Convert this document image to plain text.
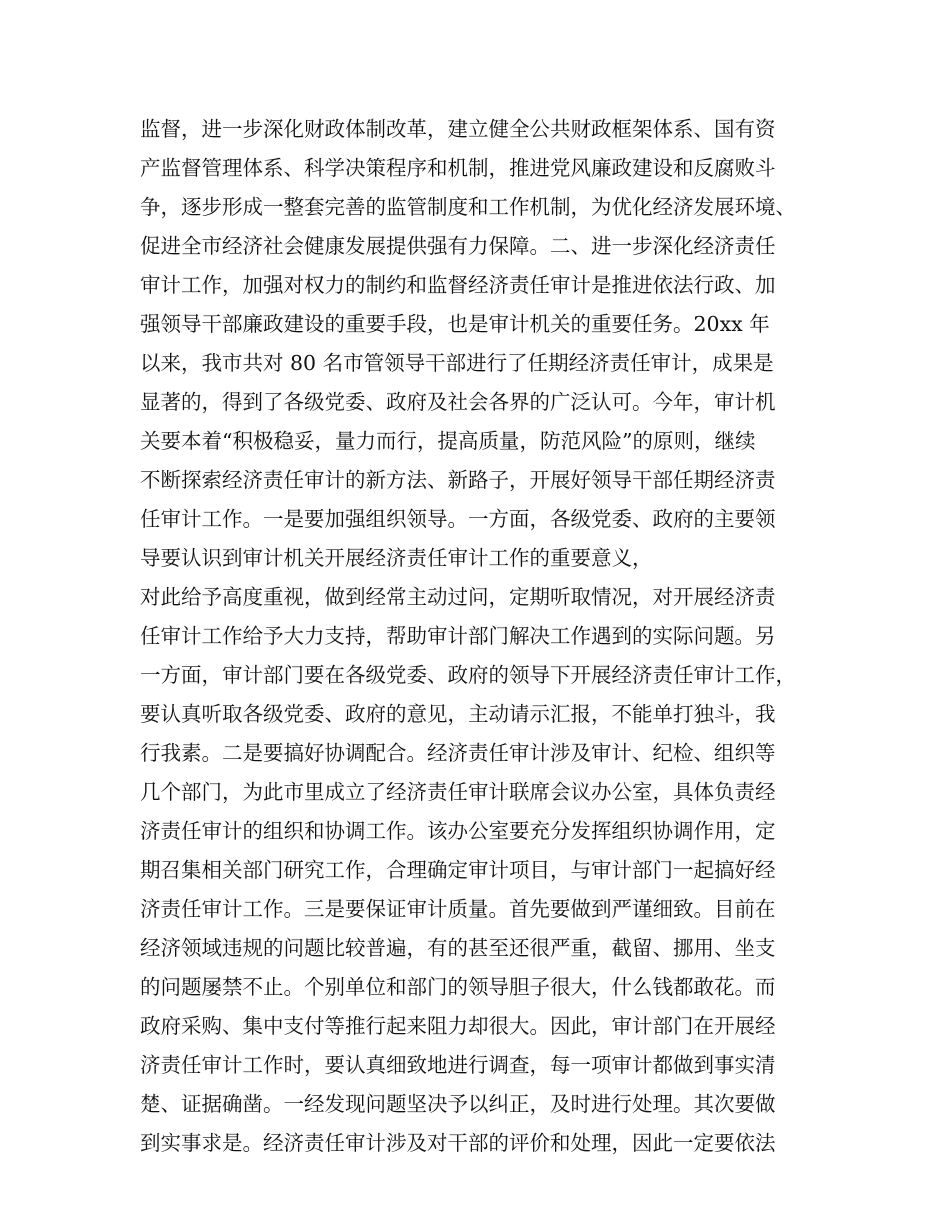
监督，进一步深化财政体制改革，建立健全公共财政框架体系、国有资
产监督管理体系、科学决策程序和机制，推进党风廉政建设和反腐败斗
争，逐步形成一整套完善的监管制度和工作机制，为优化经济发展环境、
促进全市经济社会健康发展提供强有力保障。二、进一步深化经济责任
审计工作，加强对权力的制约和监督经济责任审计是推进依法行政、加
强领导干部廉政建设的重要手段，也是审计机关的重要任务。20xx 年
以来，我市共对 80 名市管领导干部进行了任期经济责任审计，成果是
显著的，得到了各级党委、政府及社会各界的广泛认可。今年，审计机
关要本着“积极稳妥，量力而行，提高质量，防范风险”的原则，继续
不断探索经济责任审计的新方法、新路子，开展好领导干部任期经济责
任审计工作。一是要加强组织领导。一方面，各级党委、政府的主要领
导要认识到审计机关开展经济责任审计工作的重要意义，
对此给予高度重视，做到经常主动过问，定期听取情况，对开展经济责
任审计工作给予大力支持，帮助审计部门解决工作遇到的实际问题。另
一方面，审计部门要在各级党委、政府的领导下开展经济责任审计工作，
要认真听取各级党委、政府的意见，主动请示汇报，不能单打独斗，我
行我素。二是要搞好协调配合。经济责任审计涉及审计、纪检、组织等
几个部门，为此市里成立了经济责任审计联席会议办公室，具体负责经
济责任审计的组织和协调工作。该办公室要充分发挥组织协调作用，定
期召集相关部门研究工作，合理确定审计项目，与审计部门一起搞好经
济责任审计工作。三是要保证审计质量。首先要做到严谨细致。目前在
经济领域违规的问题比较普遍，有的甚至还很严重，截留、挪用、坐支
的问题屡禁不止。个别单位和部门的领导胆子很大，什么钱都敢花。而
政府采购、集中支付等推行起来阻力却很大。因此，审计部门在开展经
济责任审计工作时，要认真细致地进行调查，每一项审计都做到事实清
楚、证据确凿。一经发现问题坚决予以纠正，及时进行处理。其次要做
到实事求是。经济责任审计涉及对干部的评价和处理，因此一定要依法
